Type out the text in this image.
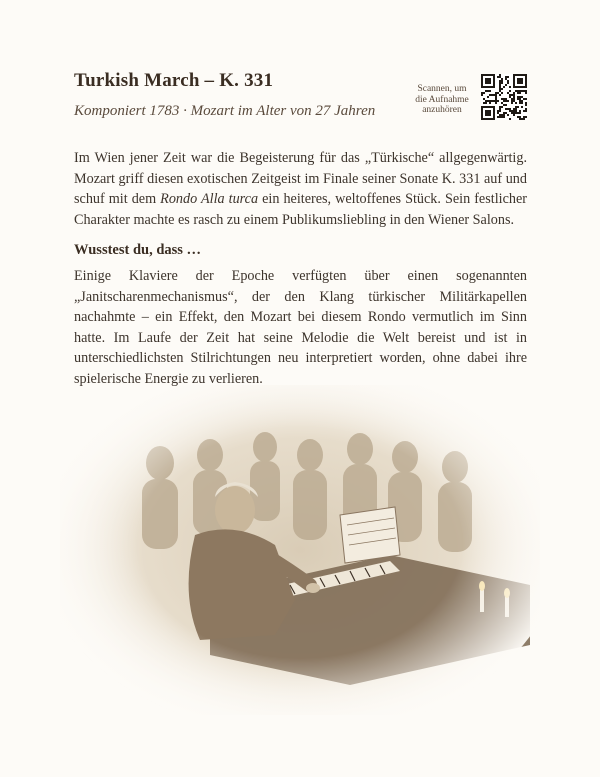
Turkish March – K. 331

Komponiert 1783 · Mozart im Alter von 27 Jahren

Scannen, um
die Aufnahme
anzuhören

Im Wien jener Zeit war die Begeisterung für das „Türkische“ allgegenwärtig. Mozart griff diesen exotischen Zeitgeist im Finale seiner Sonate K. 331 auf und schuf mit dem Rondo Alla turca ein heiteres, weltoffenes Stück. Sein festlicher Charakter machte es rasch zu einem Publikumsliebling in den Wiener Salons.

Wusstest du, dass …

Einige Klaviere der Epoche verfügten über einen sogenannten „Janitscharenmechanismus“, der den Klang türkischer Militärkapellen nachahmte – ein Effekt, den Mozart bei diesem Rondo vermutlich im Sinn hatte. Im Laufe der Zeit hat seine Melodie die Welt bereist und ist in unterschiedlichsten Stilrichtungen neu interpretiert worden, ohne dabei ihre spielerische Energie zu verlieren.
